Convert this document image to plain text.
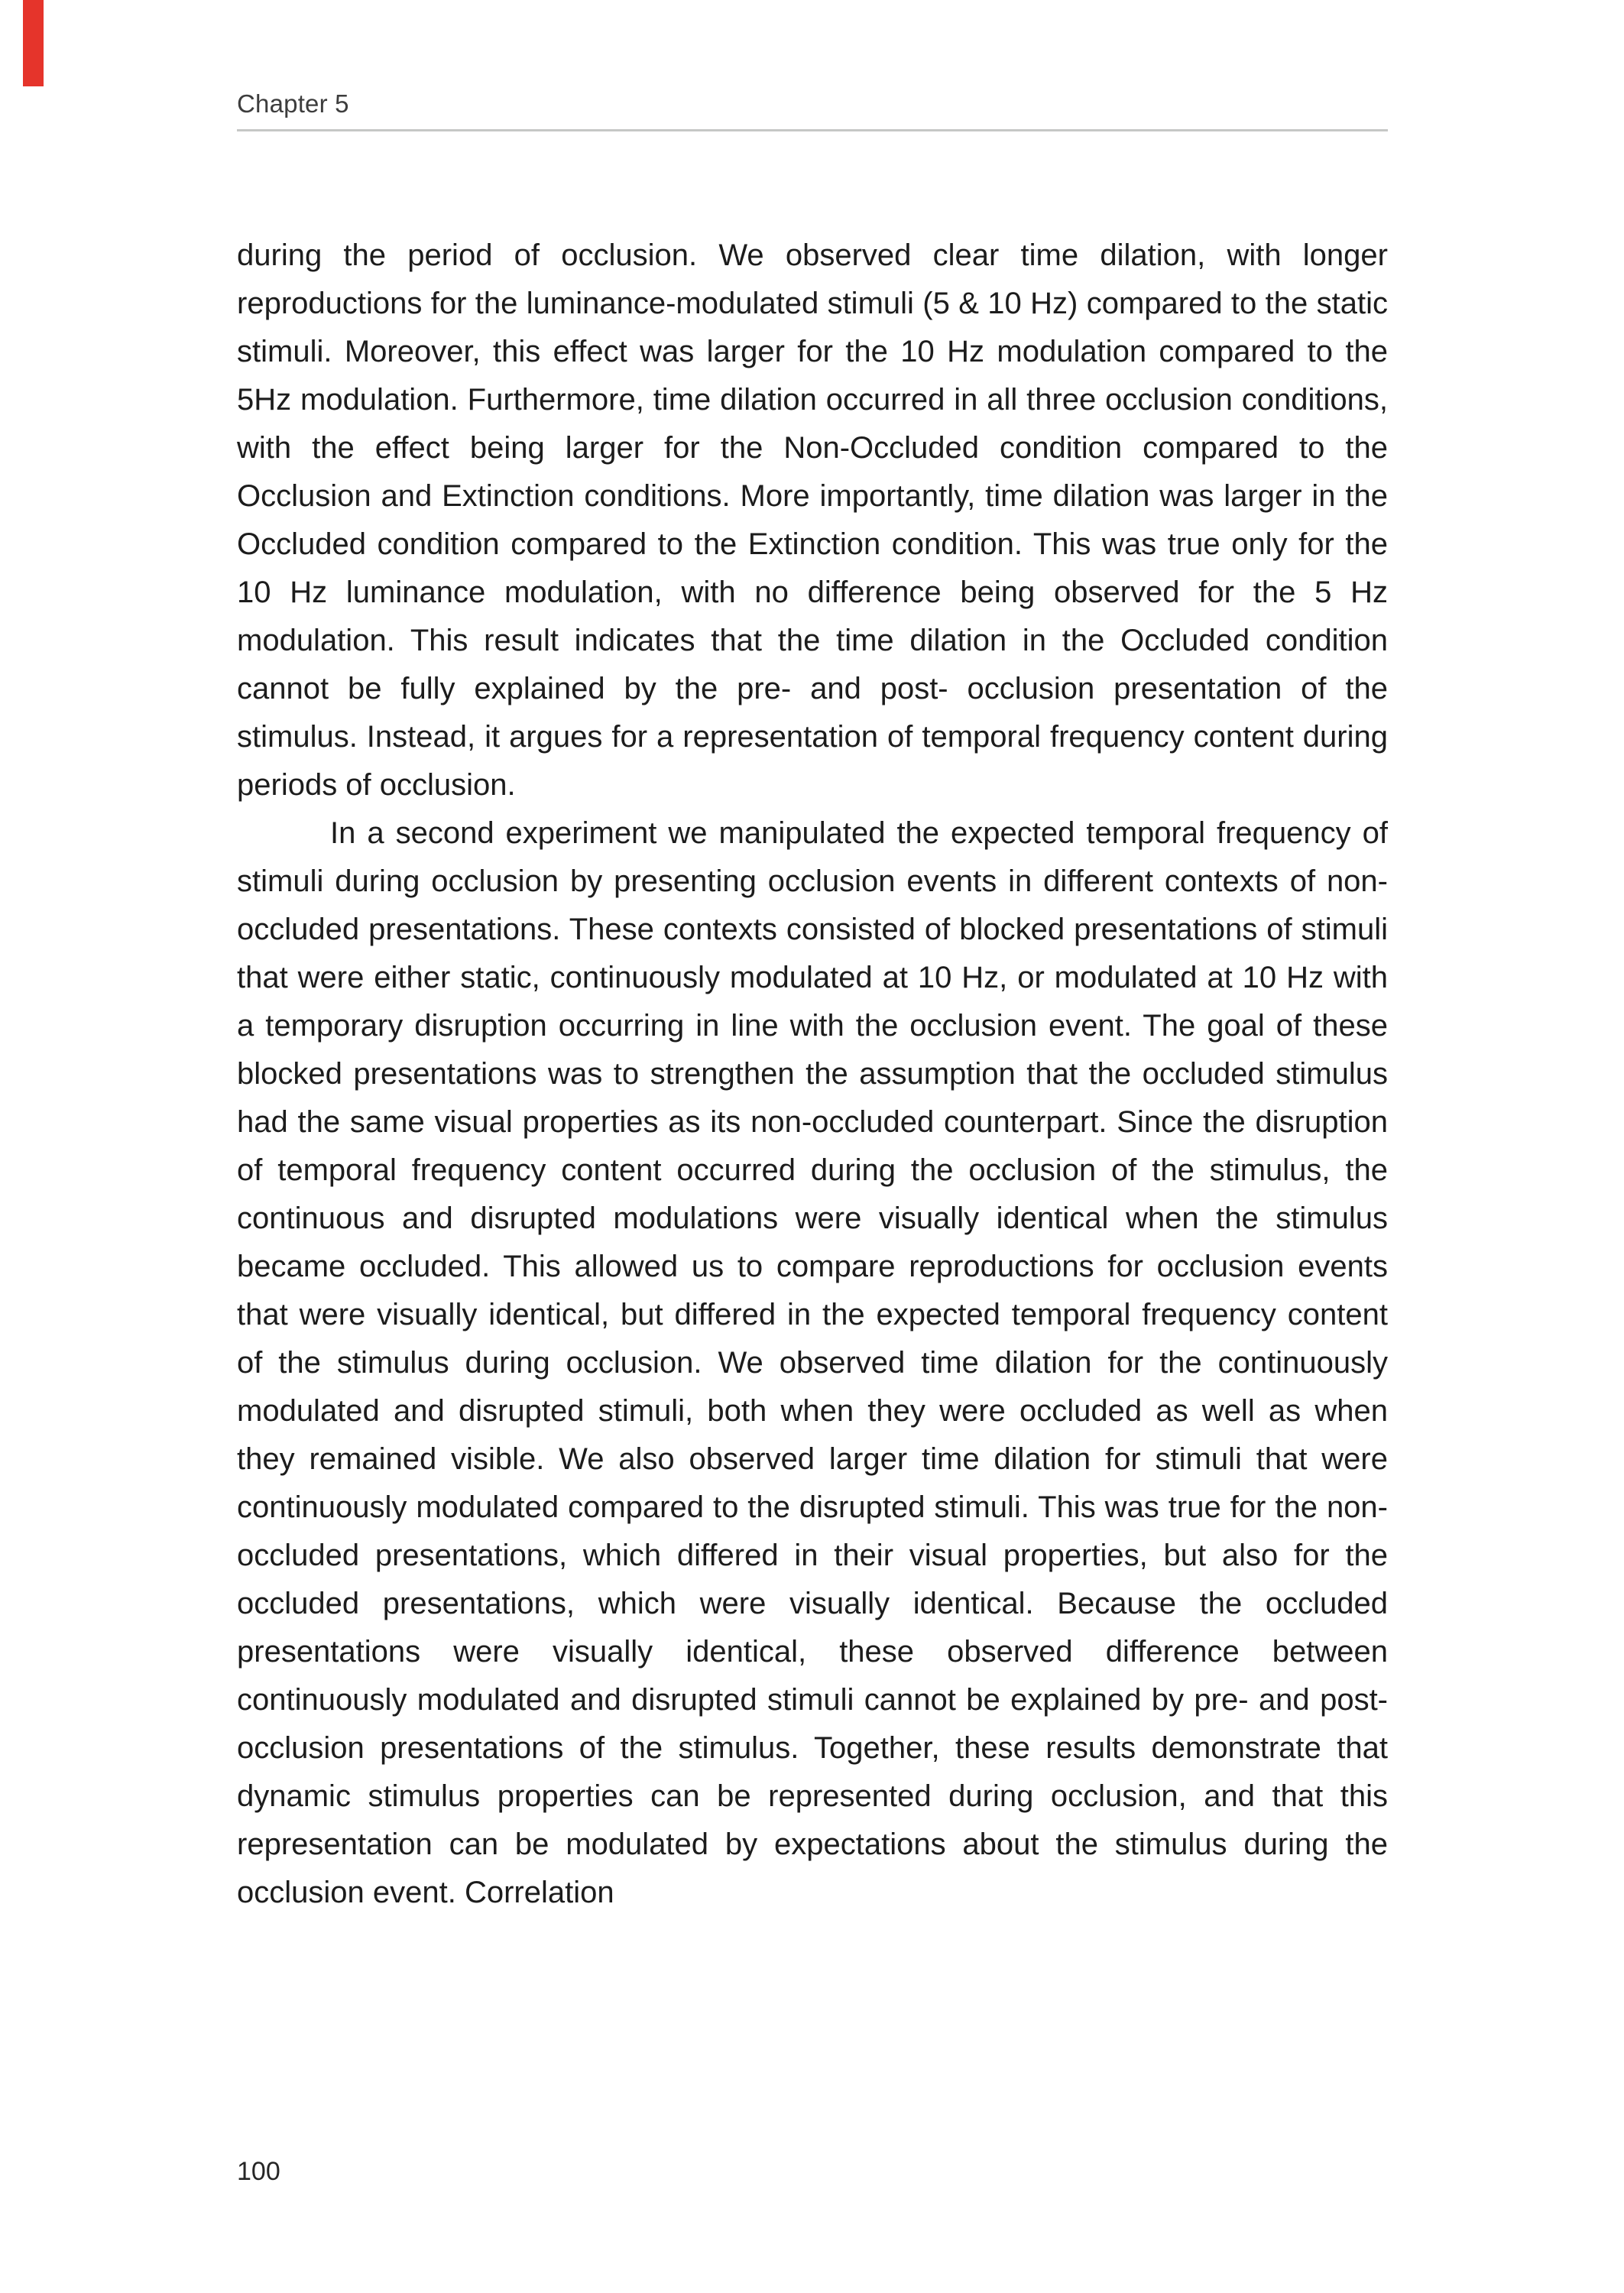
Chapter 5

during the period of occlusion. We observed clear time dilation, with longer reproductions for the luminance-modulated stimuli (5 & 10 Hz) compared to the static stimuli. Moreover, this effect was larger for the 10 Hz modulation compared to the 5Hz modulation. Furthermore, time dilation occurred in all three occlusion conditions, with the effect being larger for the Non-Occluded condition compared to the Occlusion and Extinction conditions. More importantly, time dilation was larger in the Occluded condition compared to the Extinction condition. This was true only for the 10 Hz luminance modulation, with no difference being observed for the 5 Hz modulation. This result indicates that the time dilation in the Occluded condition cannot be fully explained by the pre- and post- occlusion presentation of the stimulus. Instead, it argues for a representation of temporal frequency content during periods of occlusion.

In a second experiment we manipulated the expected temporal frequency of stimuli during occlusion by presenting occlusion events in different contexts of non-occluded presentations. These contexts consisted of blocked presentations of stimuli that were either static, continuously modulated at 10 Hz, or modulated at 10 Hz with a temporary disruption occurring in line with the occlusion event. The goal of these blocked presentations was to strengthen the assumption that the occluded stimulus had the same visual properties as its non-occluded counterpart. Since the disruption of temporal frequency content occurred during the occlusion of the stimulus, the continuous and disrupted modulations were visually identical when the stimulus became occluded. This allowed us to compare reproductions for occlusion events that were visually identical, but differed in the expected temporal frequency content of the stimulus during occlusion. We observed time dilation for the continuously modulated and disrupted stimuli, both when they were occluded as well as when they remained visible. We also observed larger time dilation for stimuli that were continuously modulated compared to the disrupted stimuli. This was true for the non-occluded presentations, which differed in their visual properties, but also for the occluded presentations, which were visually identical. Because the occluded presentations were visually identical, these observed difference between continuously modulated and disrupted stimuli cannot be explained by pre- and post- occlusion presentations of the stimulus. Together, these results demonstrate that dynamic stimulus properties can be represented during occlusion, and that this representation can be modulated by expectations about the stimulus during the occlusion event. Correlation

100
